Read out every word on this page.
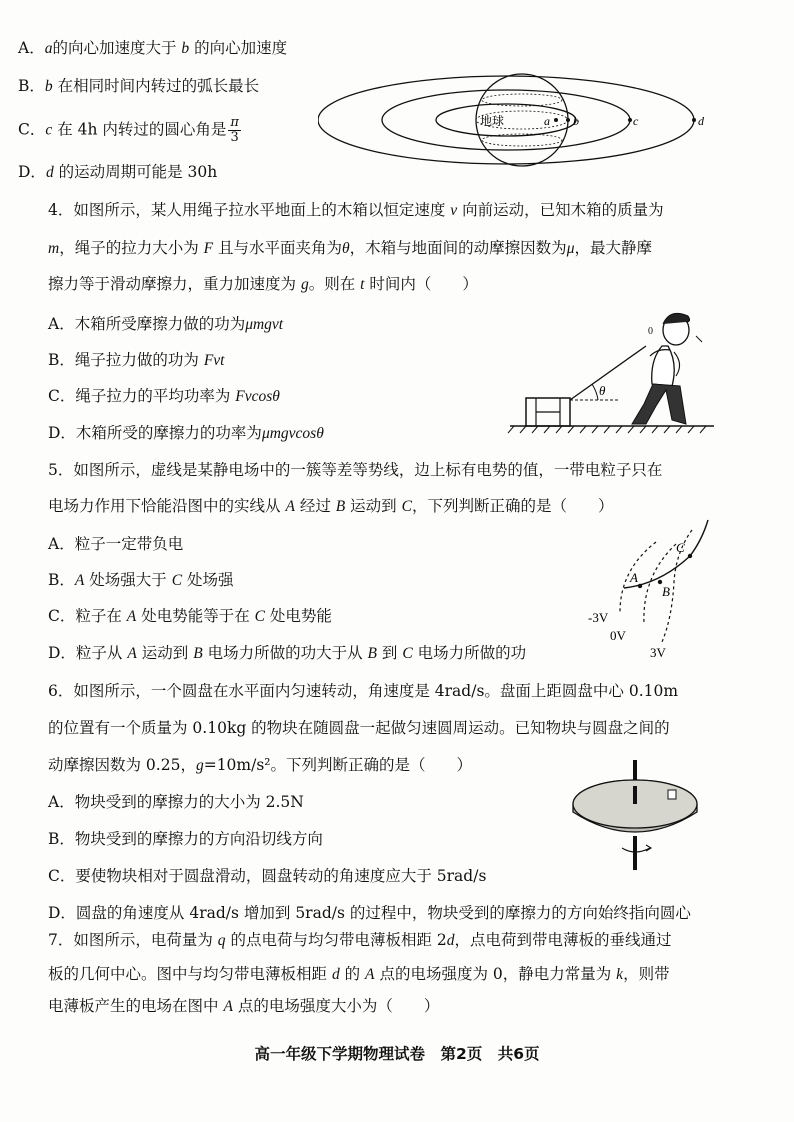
A．a的向心加速度大于 b 的向心加速度
B．b 在相同时间内转过的弧长最长
C．c 在 4h 内转过的圆心角是 $\frac{\pi}{3}$
D．d 的运动周期可能是 30h
地球	a b	c	d
4．如图所示，某人用绳子拉水平地面上的木箱以恒定速度 v 向前运动，已知木箱的质量为
m，绳子的拉力大小为 F 且与水平面夹角为θ，木箱与地面间的动摩擦因数为μ，最大静摩
擦力等于滑动摩擦力，重力加速度为 g。则在 t 时间内（　　）
A．木箱所受摩擦力做的功为μmgvt
B．绳子拉力做的功为 Fvt
C．绳子拉力的平均功率为 Fvcosθ
D．木箱所受的摩擦力的功率为μmgvcosθ
θ
0
5．如图所示，虚线是某静电场中的一簇等差等势线，边上标有电势的值，一带电粒子只在
电场力作用下恰能沿图中的实线从 A 经过 B 运动到 C，下列判断正确的是（　　）
A．粒子一定带负电
B．A 处场强大于 C 处场强
C．粒子在 A 处电势能等于在 C 处电势能
D．粒子从 A 运动到 B 电场力所做的功大于从 B 到 C 电场力所做的功
A
B
C
-3V
0V
3V
6．如图所示，一个圆盘在水平面内匀速转动，角速度是 4rad/s。盘面上距圆盘中心 0.10m
的位置有一个质量为 0.10kg 的物块在随圆盘一起做匀速圆周运动。已知物块与圆盘之间的
动摩擦因数为 0.25，g=10m/s²。下列判断正确的是（　　）
A．物块受到的摩擦力的大小为 2.5N
B．物块受到的摩擦力的方向沿切线方向
C．要使物块相对于圆盘滑动，圆盘转动的角速度应大于 5rad/s
D．圆盘的角速度从 4rad/s 增加到 5rad/s 的过程中，物块受到的摩擦力的方向始终指向圆心
7．如图所示，电荷量为 q 的点电荷与均匀带电薄板相距 2d，点电荷到带电薄板的垂线通过
板的几何中心。图中与均匀带电薄板相距 d 的 A 点的电场强度为 0，静电力常量为 k，则带
电薄板产生的电场在图中 A 点的电场强度大小为（　　）
高一年级下学期物理试卷　第2页　共6页
